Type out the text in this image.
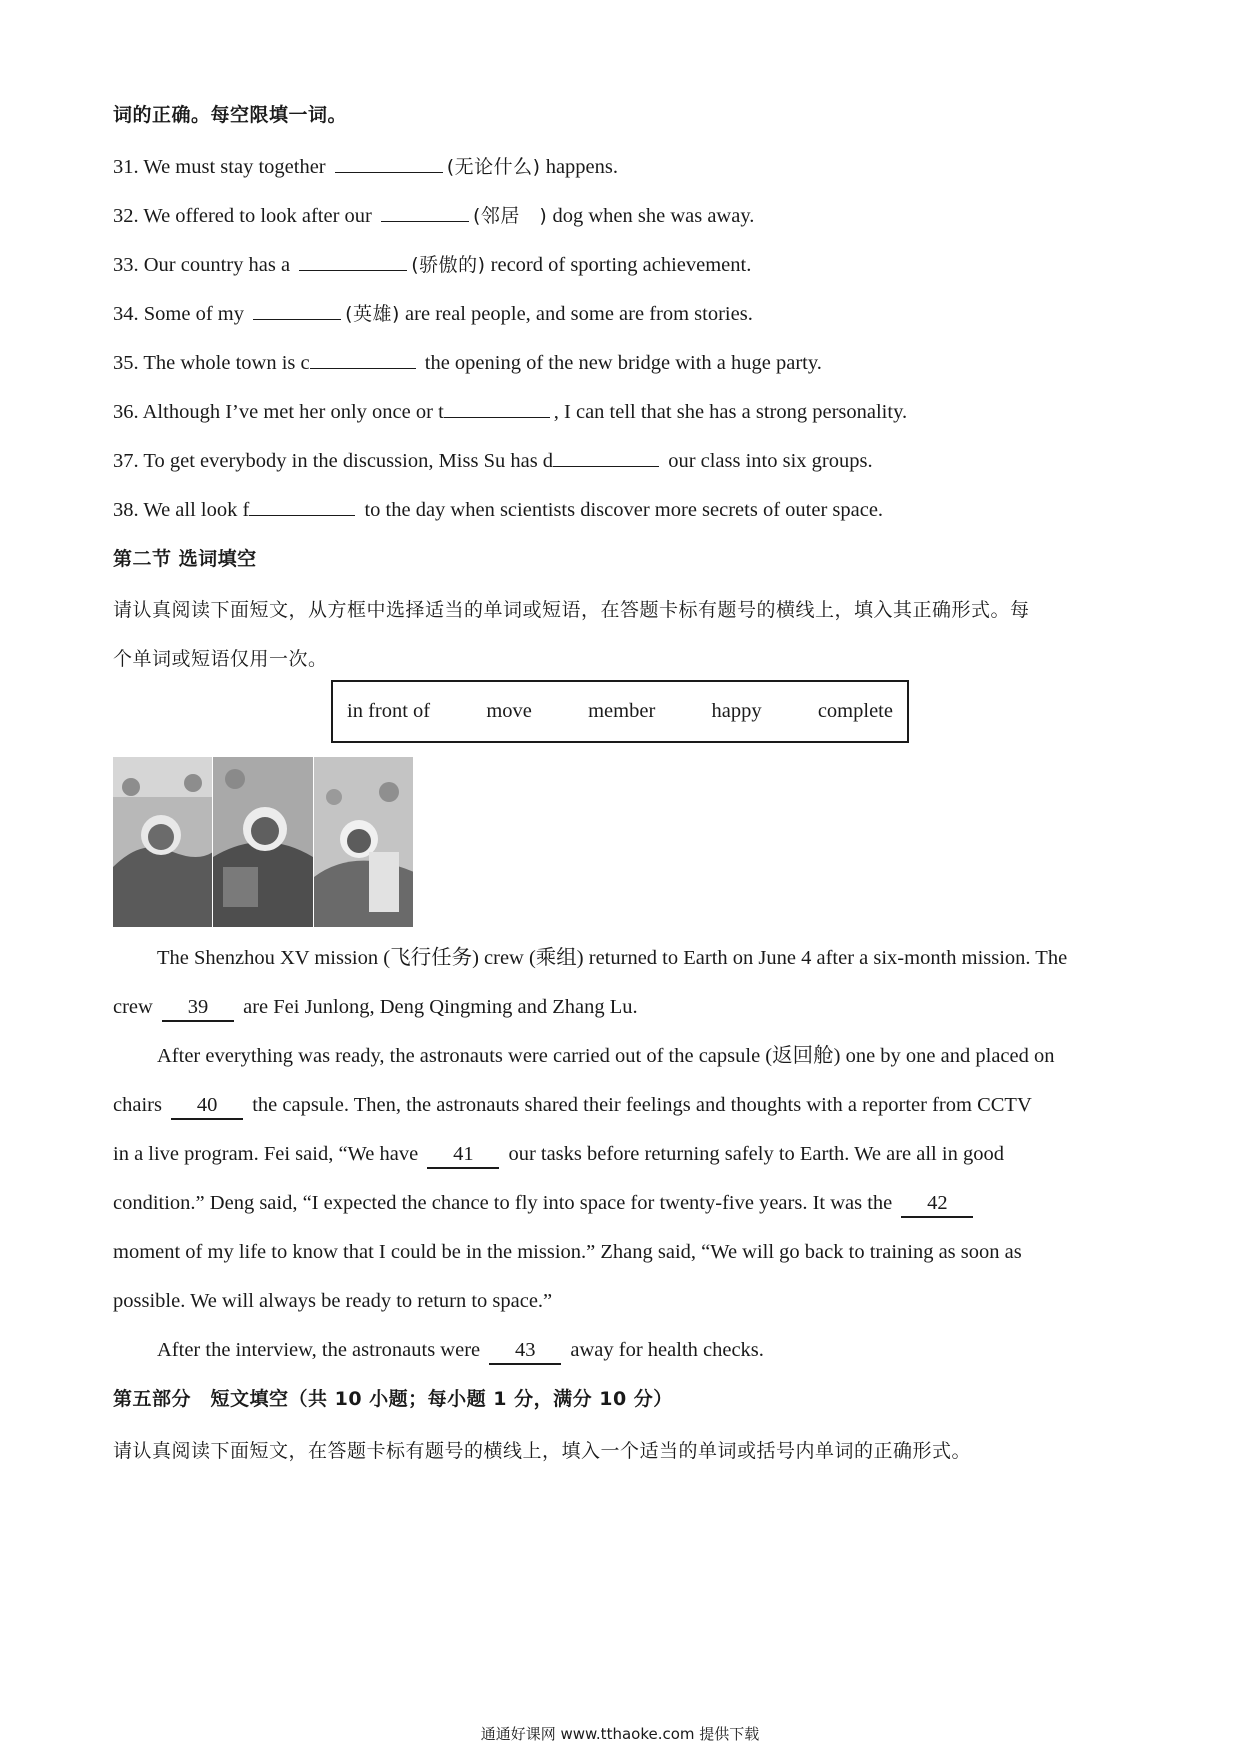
词的正确。每空限填一词。
31. We must stay together	(无论什么) happens.
32. We offered to look after our	(邻居　) dog when she was away.
33. Our country has a	(骄傲的) record of sporting achievement.
34. Some of my	(英雄) are real people, and some are from stories.
35. The whole town is c	the opening of the new bridge with a huge party.
36. Although I’ve met her only once or t	, I can tell that she has a strong personality.
37. To get everybody in the discussion, Miss Su has d	our class into six groups.
38. We all look f	to the day when scientists discover more secrets of outer space.
第二节 选词填空
请认真阅读下面短文，从方框中选择适当的单词或短语，在答题卡标有题号的横线上，填入其正确形式。每
个单词或短语仅用一次。
in front of	move	member	happy	complete
The Shenzhou XV mission (飞行任务) crew (乘组) returned to Earth on June 4 after a six-month mission. The
crew 39 are Fei Junlong, Deng Qingming and Zhang Lu.
After everything was ready, the astronauts were carried out of the capsule (返回舱) one by one and placed on
chairs 40 the capsule. Then, the astronauts shared their feelings and thoughts with a reporter from CCTV
in a live program. Fei said, “We have 41 our tasks before returning safely to Earth. We are all in good
condition.” Deng said, “I expected the chance to fly into space for twenty-five years. It was the 42
moment of my life to know that I could be in the mission.” Zhang said, “We will go back to training as soon as
possible. We will always be ready to return to space.”
After the interview, the astronauts were 43 away for health checks.
第五部分　短文填空（共 10 小题；每小题 1 分，满分 10 分）
请认真阅读下面短文，在答题卡标有题号的横线上，填入一个适当的单词或括号内单词的正确形式。
通通好课网 www.tthaoke.com 提供下载
